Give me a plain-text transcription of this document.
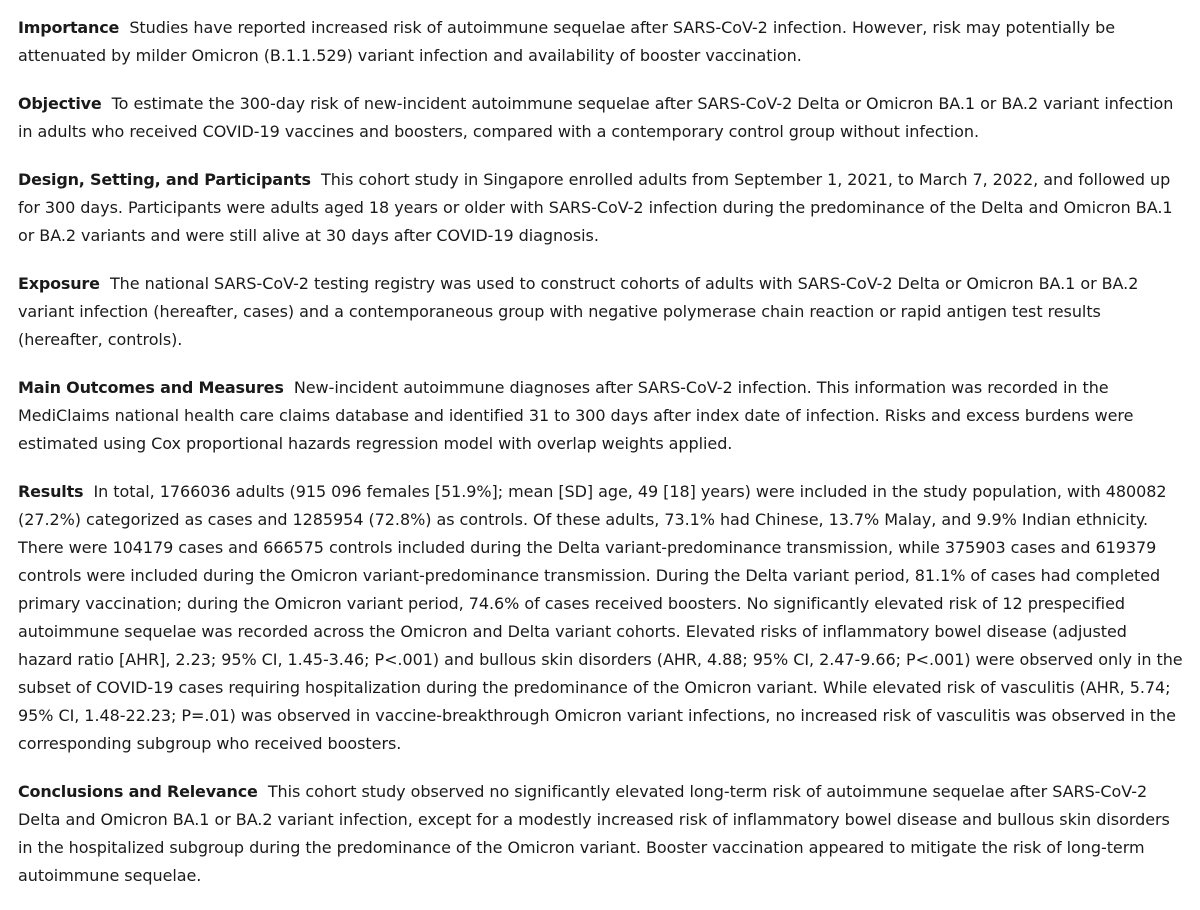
Importance Studies have reported increased risk of autoimmune sequelae after SARS-CoV-2 infection. However, risk may potentially be attenuated by milder Omicron (B.1.1.529) variant infection and availability of booster vaccination.

Objective To estimate the 300-day risk of new-incident autoimmune sequelae after SARS-CoV-2 Delta or Omicron BA.1 or BA.2 variant infection in adults who received COVID-19 vaccines and boosters, compared with a contemporary control group without infection.

Design, Setting, and Participants This cohort study in Singapore enrolled adults from September 1, 2021, to March 7, 2022, and followed up for 300 days. Participants were adults aged 18 years or older with SARS-CoV-2 infection during the predominance of the Delta and Omicron BA.1 or BA.2 variants and were still alive at 30 days after COVID-19 diagnosis.

Exposure The national SARS-CoV-2 testing registry was used to construct cohorts of adults with SARS-CoV-2 Delta or Omicron BA.1 or BA.2 variant infection (hereafter, cases) and a contemporaneous group with negative polymerase chain reaction or rapid antigen test results (hereafter, controls).

Main Outcomes and Measures New-incident autoimmune diagnoses after SARS-CoV-2 infection. This information was recorded in the MediClaims national health care claims database and identified 31 to 300 days after index date of infection. Risks and excess burdens were estimated using Cox proportional hazards regression model with overlap weights applied.

Results In total, 1766036 adults (915 096 females [51.9%]; mean [SD] age, 49 [18] years) were included in the study population, with 480082 (27.2%) categorized as cases and 1285954 (72.8%) as controls. Of these adults, 73.1% had Chinese, 13.7% Malay, and 9.9% Indian ethnicity. There were 104179 cases and 666575 controls included during the Delta variant-predominance transmission, while 375903 cases and 619379 controls were included during the Omicron variant-predominance transmission. During the Delta variant period, 81.1% of cases had completed primary vaccination; during the Omicron variant period, 74.6% of cases received boosters. No significantly elevated risk of 12 prespecified autoimmune sequelae was recorded across the Omicron and Delta variant cohorts. Elevated risks of inflammatory bowel disease (adjusted hazard ratio [AHR], 2.23; 95% CI, 1.45-3.46; P<.001) and bullous skin disorders (AHR, 4.88; 95% CI, 2.47-9.66; P<.001) were observed only in the subset of COVID-19 cases requiring hospitalization during the predominance of the Omicron variant. While elevated risk of vasculitis (AHR, 5.74; 95% CI, 1.48-22.23; P=.01) was observed in vaccine-breakthrough Omicron variant infections, no increased risk of vasculitis was observed in the corresponding subgroup who received boosters.

Conclusions and Relevance This cohort study observed no significantly elevated long-term risk of autoimmune sequelae after SARS-CoV-2 Delta and Omicron BA.1 or BA.2 variant infection, except for a modestly increased risk of inflammatory bowel disease and bullous skin disorders in the hospitalized subgroup during the predominance of the Omicron variant. Booster vaccination appeared to mitigate the risk of long-term autoimmune sequelae.
